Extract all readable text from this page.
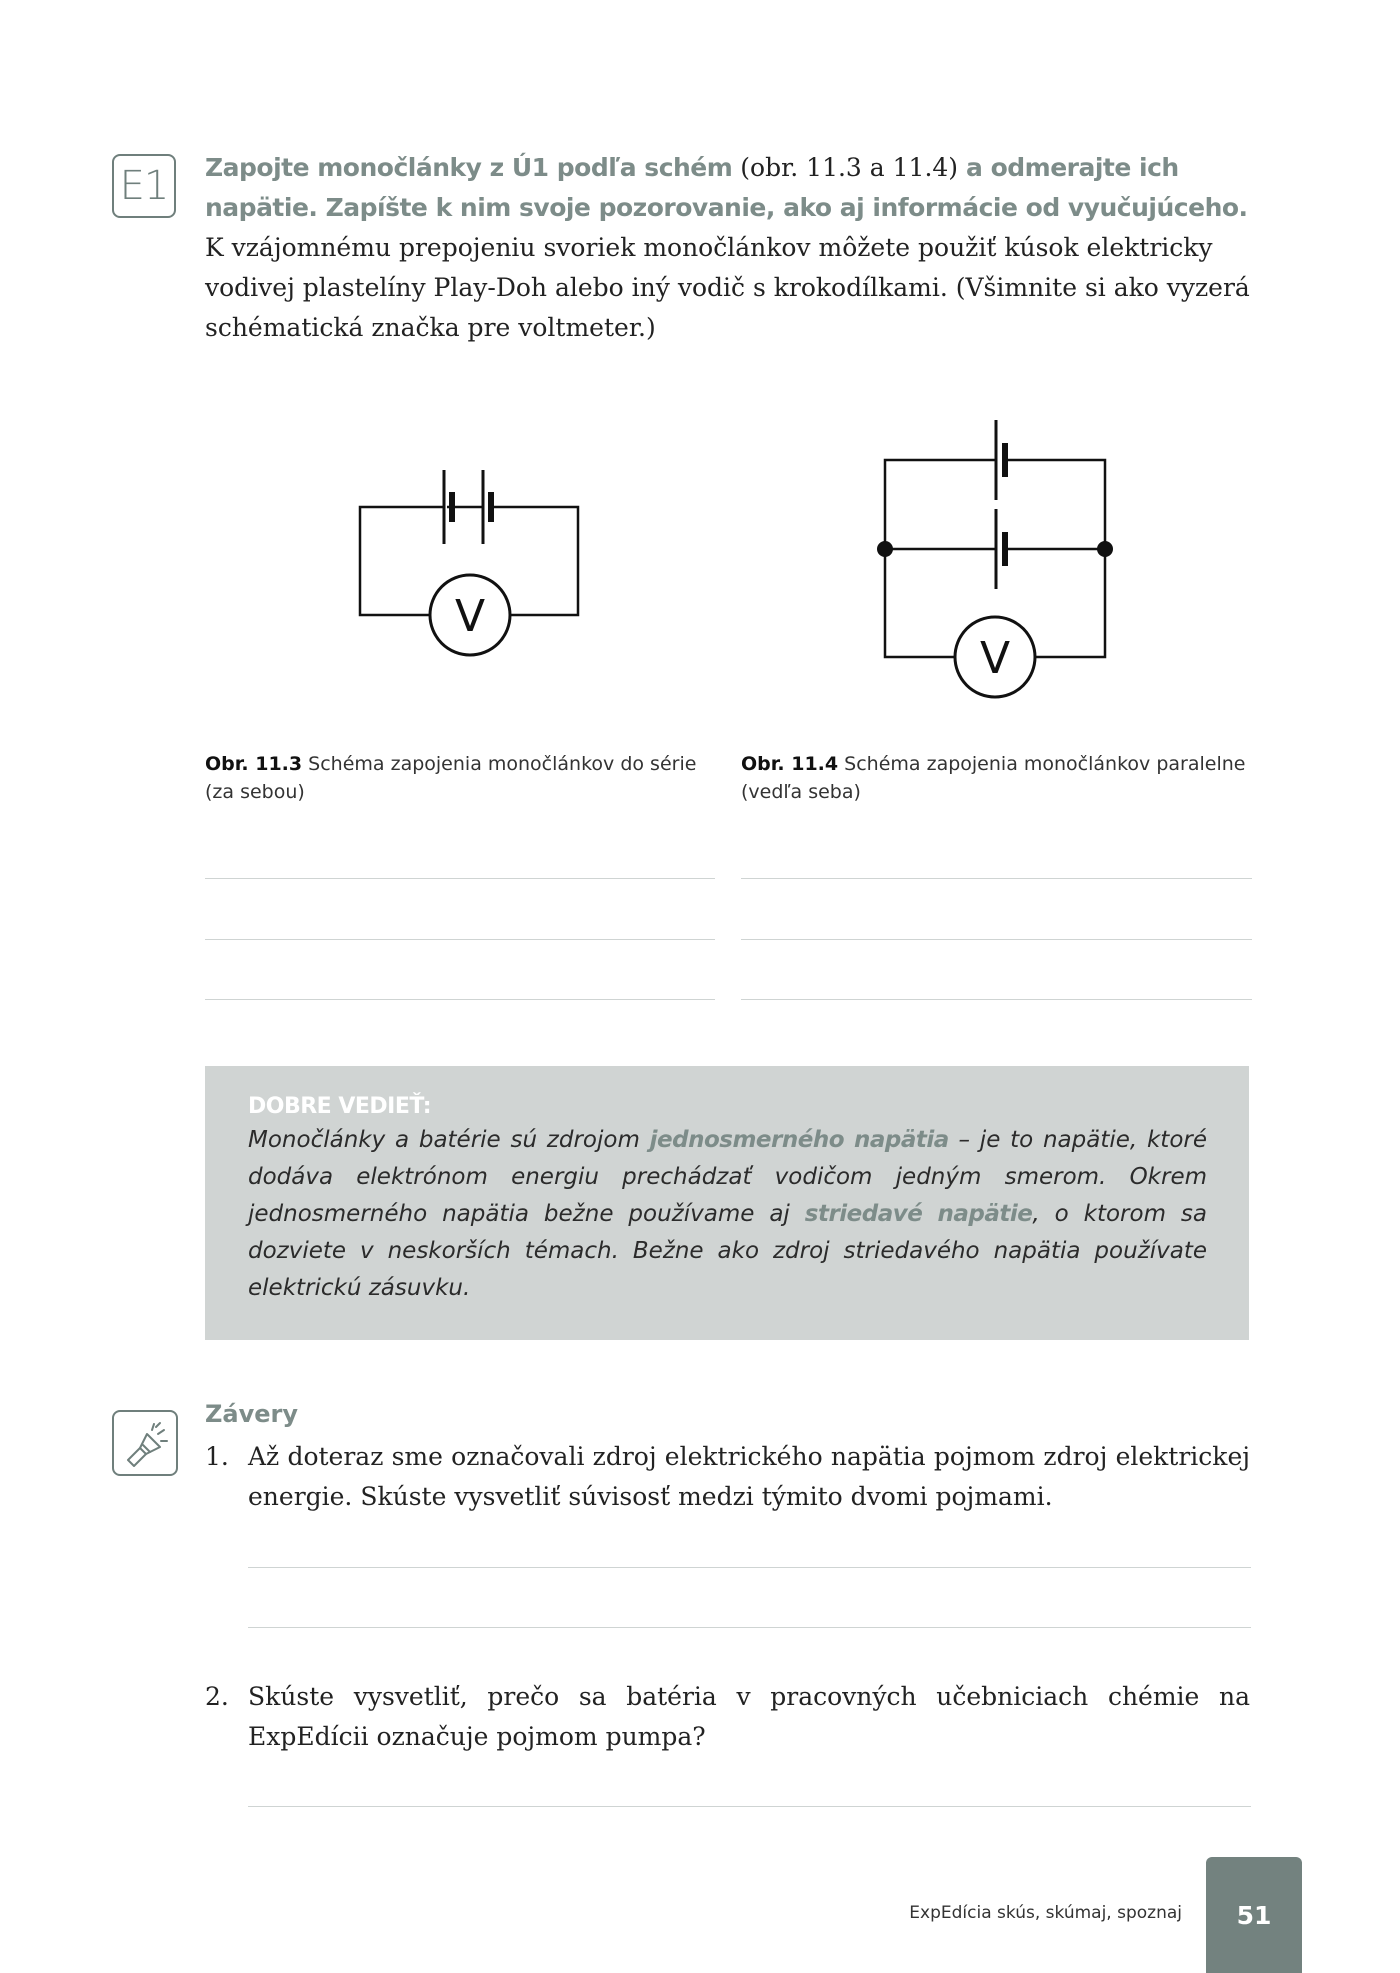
E1	Zapojte monočlánky z Ú1 podľa schém (obr. 11.3 a 11.4) a odmerajte ich napätie. Zapíšte k nim svoje pozorovanie, ako aj informácie od vyučujúceho.
K vzájomnému prepojeniu svoriek monočlánkov môžete použiť kúsok elektricky vodivej plastelíny Play-Doh alebo iný vodič s krokodílkami. (Všimnite si ako vyzerá schématická značka pre voltmeter.)
V
V
Obr. 11.3 Schéma zapojenia monočlánkov do série (za sebou)
Obr. 11.4 Schéma zapojenia monočlánkov paralelne (vedľa seba)
DOBRE VEDIEŤ:
Monočlánky a batérie sú zdrojom jednosmerného napätia – je to napätie, ktoré dodáva elektrónom energiu prechádzať vodičom jedným smerom. Okrem jednosmerného napätia bežne používame aj striedavé napätie, o ktorom sa dozviete v neskorších témach. Bežne ako zdroj striedavého napätia používate elektrickú zásuvku.
Závery
1. Až doteraz sme označovali zdroj elektrického napätia pojmom zdroj elektrickej energie. Skúste vysvetliť súvisosť medzi týmito dvomi pojmami.
2. Skúste vysvetliť, prečo sa batéria v pracovných učebniciach chémie na ExpEdícii označuje pojmom pumpa?
ExpEdícia skús, skúmaj, spoznaj	51
